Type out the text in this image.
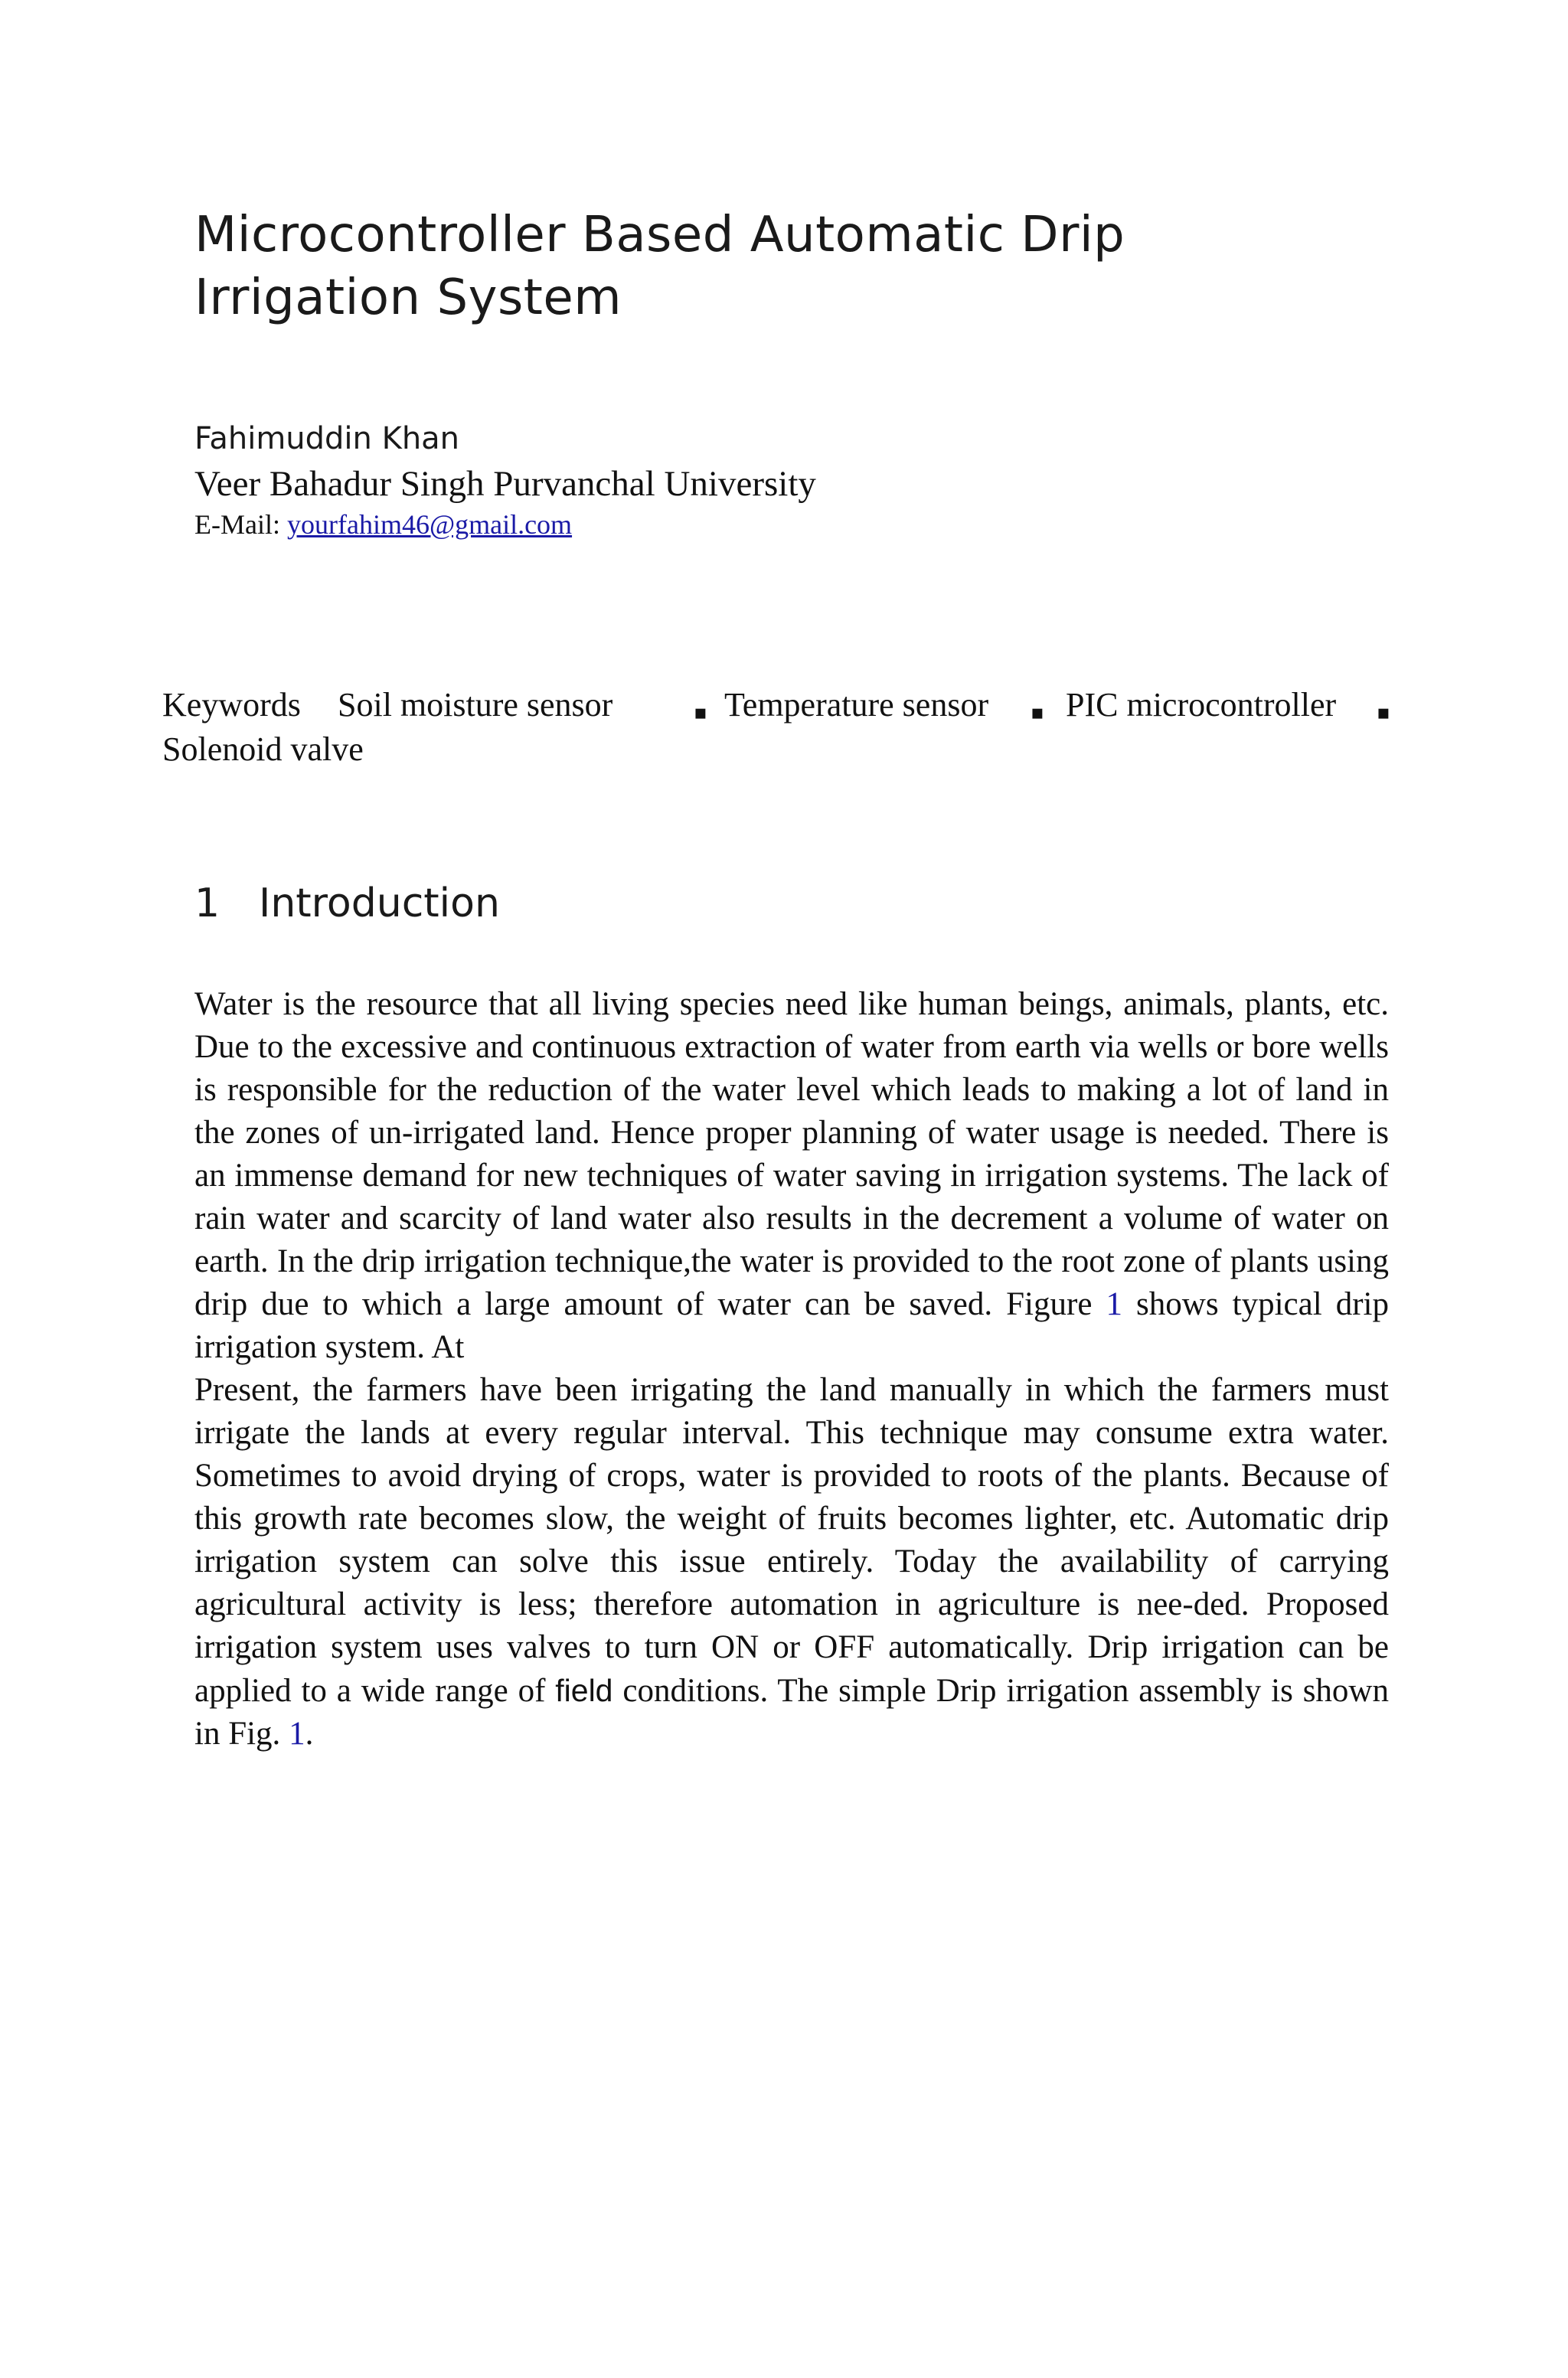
Microcontroller Based Automatic Drip
Irrigation System
Fahimuddin Khan
Veer Bahadur Singh Purvanchal University
E-Mail: yourfahim46@gmail.com
Keywords Soil moisture sensor	▪ Temperature sensor ▪ PIC microcontroller ▪
Solenoid valve
1 Introduction

Water is the resource that all living species need like human beings, animals, plants, etc. Due to the excessive and continuous extraction of water from earth via wells or bore wells is responsible for the reduction of the water level which leads to making a lot of land in the zones of un-irrigated land. Hence proper planning of water usage is needed. There is an immense demand for new techniques of water saving in irrigation systems. The lack of rain water and scarcity of land water also results in the decrement a volume of water on earth. In the drip irrigation technique,the water is provided to the root zone of plants using drip due to which a large amount of water can be saved. Figure 1 shows typical drip irrigation system. At

Present, the farmers have been irrigating the land manually in which the farmers must irrigate the lands at every regular interval. This technique may consume extra water. Sometimes to avoid drying of crops, water is provided to roots of the plants. Because of this growth rate becomes slow, the weight of fruits becomes lighter, etc. Automatic drip irrigation system can solve this issue entirely. Today the availability of carrying agricultural activity is less; therefore automation in agriculture is nee-ded. Proposed irrigation system uses valves to turn ON or OFF automatically. Drip irrigation can be applied to a wide range of field conditions. The simple Drip irrigation assembly is shown in Fig. 1.
